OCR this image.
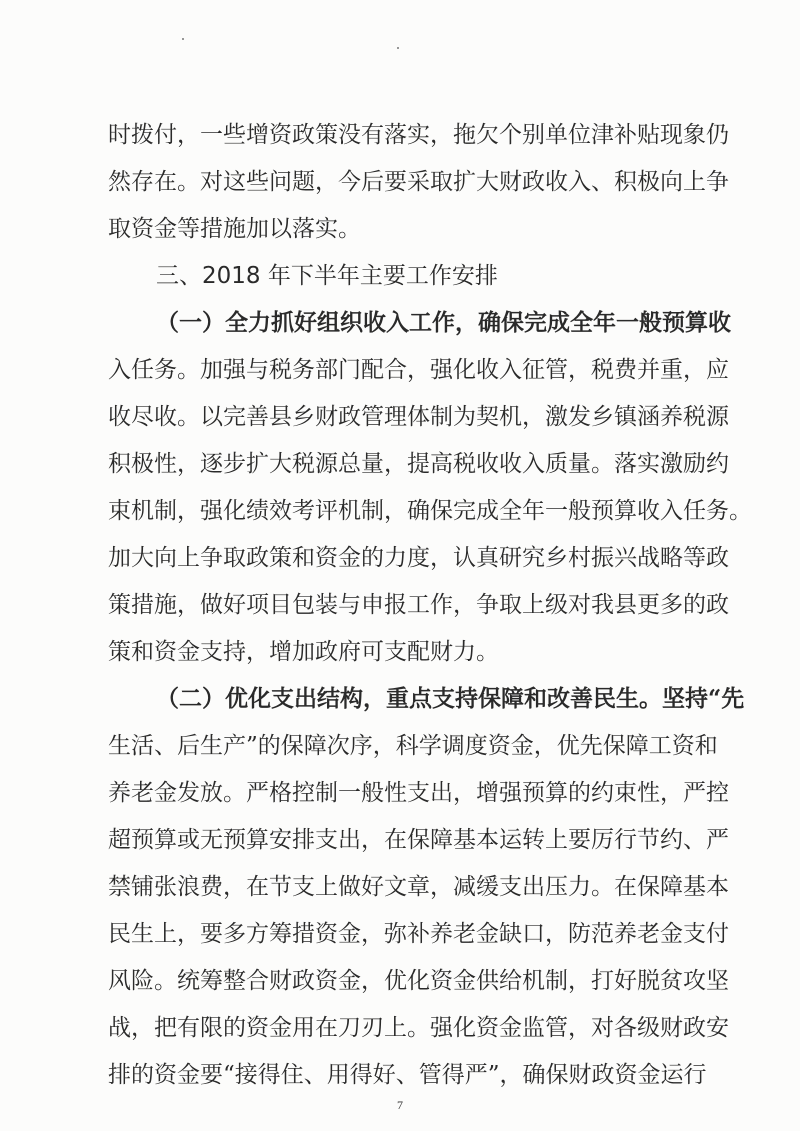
时拨付，一些增资政策没有落实，拖欠个别单位津补贴现象仍
然存在。对这些问题，今后要采取扩大财政收入、积极向上争
取资金等措施加以落实。
三、2018 年下半年主要工作安排
（一）全力抓好组织收入工作，确保完成全年一般预算收
入任务。加强与税务部门配合，强化收入征管，税费并重，应
收尽收。以完善县乡财政管理体制为契机，激发乡镇涵养税源
积极性，逐步扩大税源总量，提高税收收入质量。落实激励约
束机制，强化绩效考评机制，确保完成全年一般预算收入任务。
加大向上争取政策和资金的力度，认真研究乡村振兴战略等政
策措施，做好项目包装与申报工作，争取上级对我县更多的政
策和资金支持，增加政府可支配财力。
（二）优化支出结构，重点支持保障和改善民生。坚持“先
生活、后生产”的保障次序，科学调度资金，优先保障工资和
养老金发放。严格控制一般性支出，增强预算的约束性，严控
超预算或无预算安排支出，在保障基本运转上要厉行节约、严
禁铺张浪费，在节支上做好文章，减缓支出压力。在保障基本
民生上，要多方筹措资金，弥补养老金缺口，防范养老金支付
风险。统筹整合财政资金，优化资金供给机制，打好脱贫攻坚
战，把有限的资金用在刀刃上。强化资金监管，对各级财政安
7
排的资金要“接得住、用得好、管得严”，确保财政资金运行
